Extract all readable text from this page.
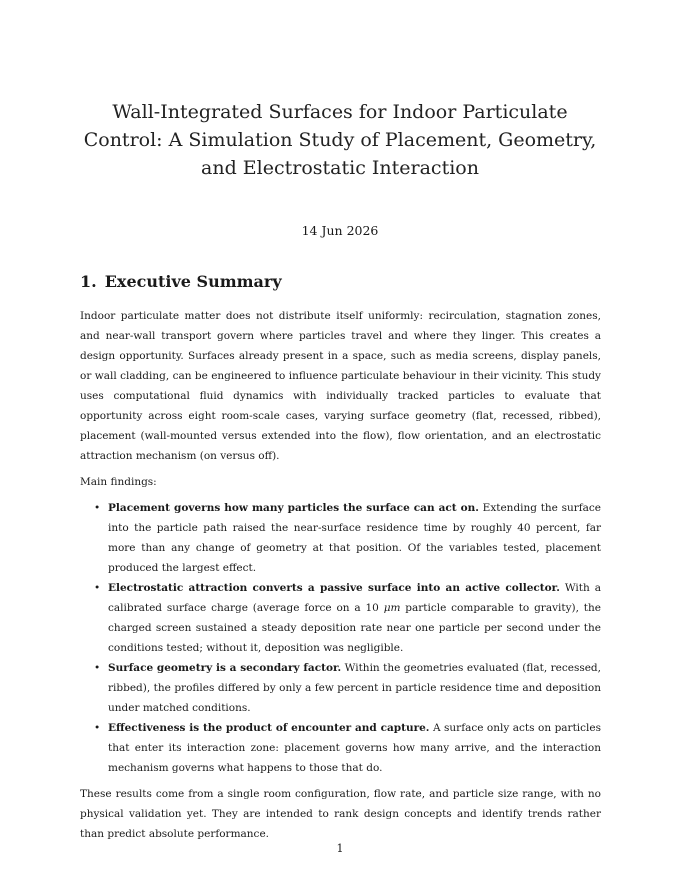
Wall-Integrated Surfaces for Indoor Particulate Control: A Simulation Study of Placement, Geometry, and Electrostatic Interaction

14 Jun 2026

1. Executive Summary

Indoor particulate matter does not distribute itself uniformly: recirculation, stagnation zones, and near-wall transport govern where particles travel and where they linger. This creates a design opportunity. Surfaces already present in a space, such as media screens, display panels, or wall cladding, can be engineered to influence particulate behaviour in their vicinity. This study uses computational fluid dynamics with individually tracked particles to evaluate that opportunity across eight room-scale cases, varying surface geometry (flat, recessed, ribbed), placement (wall-mounted versus extended into the flow), flow orientation, and an electrostatic attraction mechanism (on versus off).

Main findings:

• Placement governs how many particles the surface can act on. Extending the surface into the particle path raised the near-surface residence time by roughly 40 percent, far more than any change of geometry at that position. Of the variables tested, placement produced the largest effect.
• Electrostatic attraction converts a passive surface into an active collector. With a calibrated surface charge (average force on a 10 μm particle comparable to gravity), the charged screen sustained a steady deposition rate near one particle per second under the conditions tested; without it, deposition was negligible.
• Surface geometry is a secondary factor. Within the geometries evaluated (flat, recessed, ribbed), the profiles differed by only a few percent in particle residence time and deposition under matched conditions.
• Effectiveness is the product of encounter and capture. A surface only acts on particles that enter its interaction zone: placement governs how many arrive, and the interaction mechanism governs what happens to those that do.

These results come from a single room configuration, flow rate, and particle size range, with no physical validation yet. They are intended to rank design concepts and identify trends rather than predict absolute performance.

1
